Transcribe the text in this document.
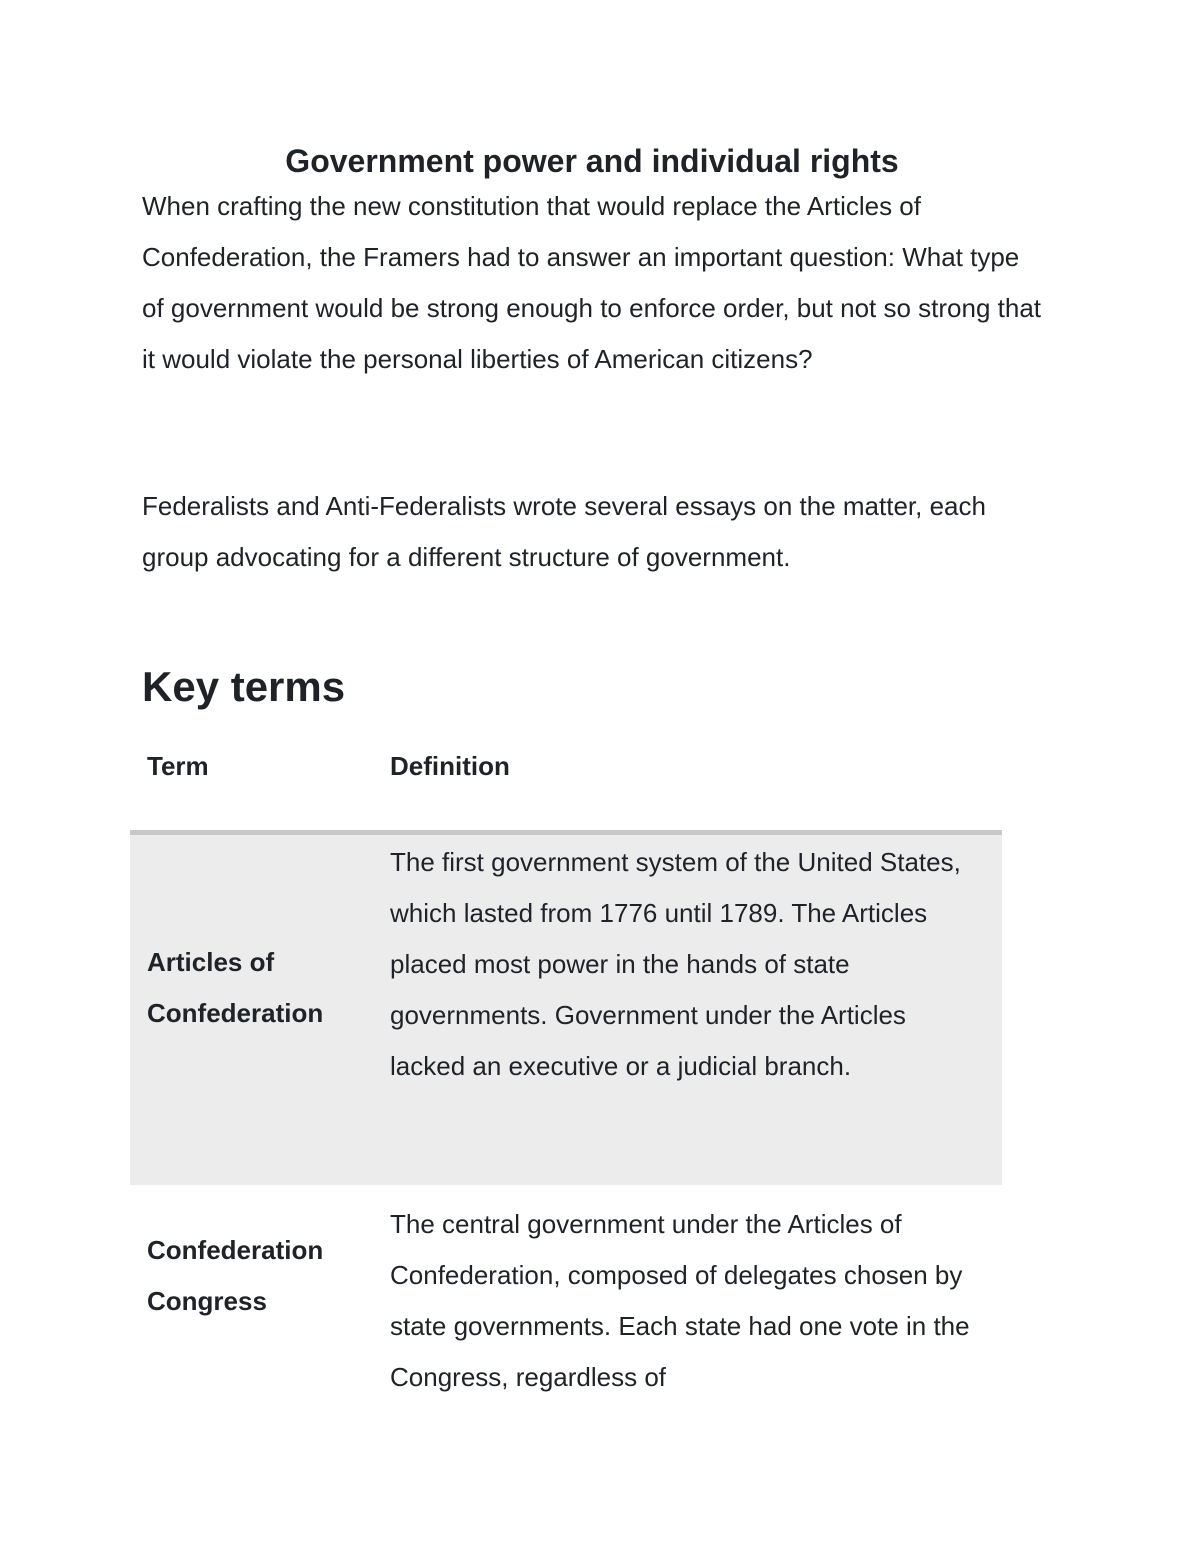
Government power and individual rights

When crafting the new constitution that would replace the Articles of Confederation, the Framers had to answer an important question: What type of government would be strong enough to enforce order, but not so strong that it would violate the personal liberties of American citizens?

Federalists and Anti-Federalists wrote several essays on the matter, each group advocating for a different structure of government.

Key terms
Term	Definition
Articles of Confederation
The first government system of the United States, which lasted from 1776 until 1789. The Articles placed most power in the hands of state governments. Government under the Articles lacked an executive or a judicial branch.
Confederation Congress
The central government under the Articles of Confederation, composed of delegates chosen by state governments. Each state had one vote in the Congress, regardless of
